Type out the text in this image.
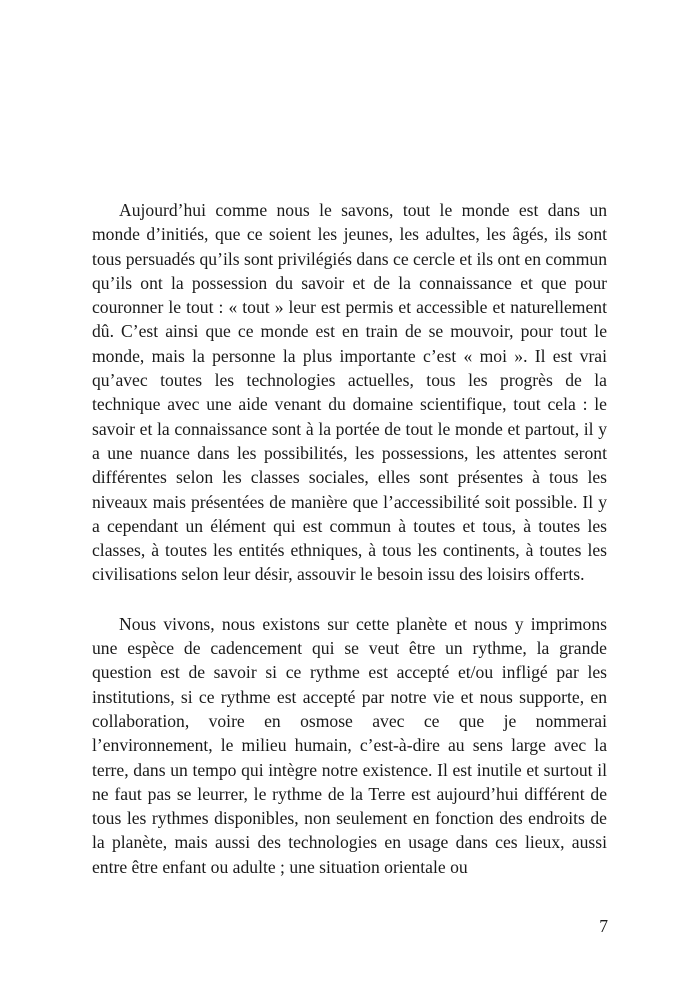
Aujourd’hui comme nous le savons, tout le monde est dans un monde d’initiés, que ce soient les jeunes, les adultes, les âgés, ils sont tous persuadés qu’ils sont privilégiés dans ce cercle et ils ont en commun qu’ils ont la possession du savoir et de la connaissance et que pour couronner le tout : « tout » leur est permis et accessible et naturellement dû. C’est ainsi que ce monde est en train de se mouvoir, pour tout le monde, mais la personne la plus importante c’est « moi ». Il est vrai qu’avec toutes les technologies actuelles, tous les progrès de la technique avec une aide venant du domaine scientifique, tout cela : le savoir et la connaissance sont à la portée de tout le monde et partout, il y a une nuance dans les possibilités, les possessions, les attentes seront différentes selon les classes sociales, elles sont présentes à tous les niveaux mais présentées de manière que l’accessibilité soit possible. Il y a cependant un élément qui est commun à toutes et tous, à toutes les classes, à toutes les entités ethniques, à tous les continents, à toutes les civilisations selon leur désir, assouvir le besoin issu des loisirs offerts.

Nous vivons, nous existons sur cette planète et nous y imprimons une espèce de cadencement qui se veut être un rythme, la grande question est de savoir si ce rythme est accepté et/ou infligé par les institutions, si ce rythme est accepté par notre vie et nous supporte, en collaboration, voire en osmose avec ce que je nommerai l’environnement, le milieu humain, c’est-à-dire au sens large avec la terre, dans un tempo qui intègre notre existence. Il est inutile et surtout il ne faut pas se leurrer, le rythme de la Terre est aujourd’hui différent de tous les rythmes disponibles, non seulement en fonction des endroits de la planète, mais aussi des technologies en usage dans ces lieux, aussi entre être enfant ou adulte ; une situation orientale ou

7
